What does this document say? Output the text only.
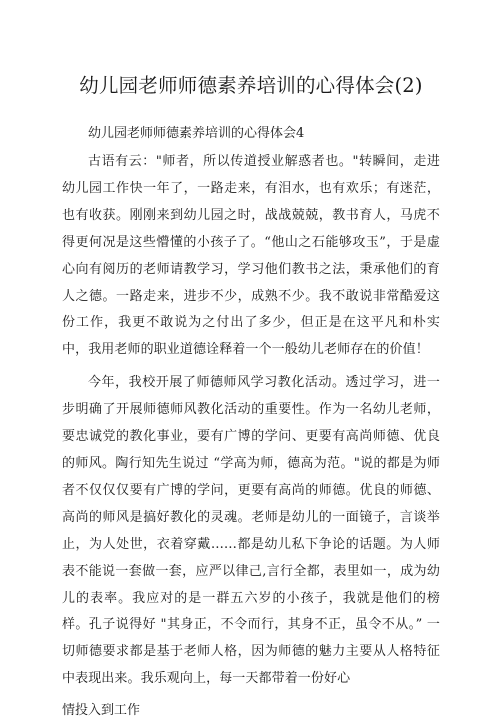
幼儿园老师师德素养培训的心得体会(2)

幼儿园老师师德素养培训的心得体会4

古语有云："师者，所以传道授业解惑者也。"转瞬间，走进幼儿园工作快一年了，一路走来，有泪水，也有欢乐；有迷茫，也有收获。刚刚来到幼儿园之时，战战兢兢，教书育人，马虎不得更何况是这些懵懂的小孩子了。“他山之石能够攻玉”，于是虚心向有阅历的老师请教学习，学习他们教书之法，秉承他们的育人之德。一路走来，进步不少，成熟不少。我不敢说非常酷爱这份工作，我更不敢说为之付出了多少，但正是在这平凡和朴实中，我用老师的职业道德诠释着一个一般幼儿老师存在的价值！

今年，我校开展了师德师风学习教化活动。透过学习，进一步明确了开展师德师风教化活动的重要性。作为一名幼儿老师，要忠诚党的教化事业，要有广博的学问、更要有高尚师德、优良的师风。陶行知先生说过 “学高为师，德高为范。"说的都是为师者不仅仅仅要有广博的学问，更要有高尚的师德。优良的师德、高尚的师风是搞好教化的灵魂。老师是幼儿的一面镜子，言谈举止，为人处世，衣着穿戴……都是幼儿私下争论的话题。为人师表不能说一套做一套，应严以律己,言行全都，表里如一，成为幼儿的表率。我应对的是一群五六岁的小孩子，我就是他们的榜样。孔子说得好 "其身正，不令而行，其身不正，虽令不从。” 一切师德要求都是基于老师人格，因为师德的魅力主要从人格特征中表现出来。我乐观向上，每一天都带着一份好心

情投入到工作
